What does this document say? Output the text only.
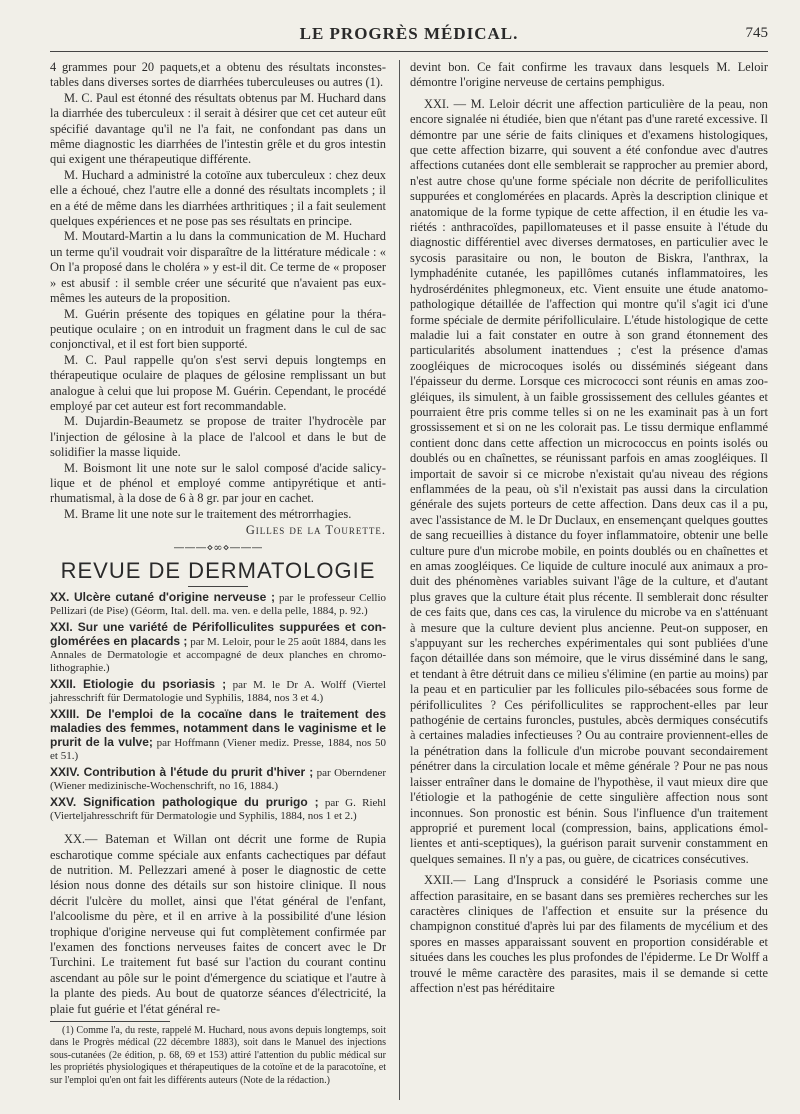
LE PROGRÈS MÉDICAL.	745

4 grammes pour 20 paquets,et a obtenu des résultats inconstestables dans diverses sortes de diarrhées tuberculeuses ou autres (1).

M. C. Paul est étonné des résultats obtenus par M. Huchard dans la diarrhée des tuberculeux : il serait à désirer que cet cet auteur eût spécifié davantage qu'il ne l'a fait, ne confondant pas dans un même diagnostic les diarrhées de l'intestin grêle et du gros intestin qui exigent une thérapeutique différente.

M. Huchard a administré la cotoïne aux tuberculeux : chez deux elle a échoué, chez l'autre elle a donné des résultats incomplets ; il en a été de même dans les diarrhées arthritiques ; il a fait seulement quelques expériences et ne pose pas ses résultats en principe.

M. Moutard-Martin a lu dans la communication de M. Huchard un terme qu'il voudrait voir disparaître de la littérature médicale : « On l'a proposé dans le choléra » y est-il dit. Ce terme de « proposer » est abusif : il semble créer une sécurité que n'avaient pas eux-mêmes les auteurs de la proposition.

M. Guérin présente des topiques en gélatine pour la thérapeutique oculaire ; on en introduit un fragment dans le cul de sac conjonctival, et il est fort bien supporté.

M. C. Paul rappelle qu'on s'est servi depuis longtemps en thérapeutique oculaire de plaques de gélosine remplissant un but analogue à celui que lui propose M. Guérin. Cependant, le procédé employé par cet auteur est fort recommandable.

M. Dujardin-Beaumetz se propose de traiter l'hydrocèle par l'injection de gélosine à la place de l'alcool et dans le but de solidifier la masse liquide.

M. Boismont lit une note sur le salol composé d'acide salicylique et de phénol et employé comme antipyrétique et antirhumatismal, à la dose de 6 à 8 gr. par jour en cachet.

M. Brame lit une note sur le traitement des métrorrhagies.

Gilles de la Tourette.
———⋄∞⋄———
REVUE DE DERMATOLOGIE
XX. Ulcère cutané d'origine nerveuse ; par le professeur Cellio Pellizari (de Pise) (Géorm, Ital. dell. ma. ven. e della pelle, 1884, p. 92.)
XXI. Sur une variété de Périfolliculites suppurées et conglomérées en placards ; par M. Leloir, pour le 25 août 1884, dans les Annales de Dermatologie et accompagné de deux planches en chromo-lithographie.)
XXII. Etiologie du psoriasis ; par M. le Dr A. Wolff (Viertel jahresschrift für Dermatologie und Syphilis, 1884, nos 3 et 4.)
XXIII. De l'emploi de la cocaïne dans le traitement des maladies des femmes, notamment dans le vaginisme et le prurit de la vulve; par Hoffmann (Viener mediz. Presse, 1884, nos 50 et 51.)
XXIV. Contribution à l'étude du prurit d'hiver ; par Oberndener (Wiener medizinische-Wochenschrift, no 16, 1884.)
XXV. Signification pathologique du prurigo ; par G. Riehl (Vierteljahresschrift für Dermatologie und Syphilis, 1884, nos 1 et 2.)

XX.— Bateman et Willan ont décrit une forme de Rupia escharotique comme spéciale aux enfants cachectiques par défaut de nutrition. M. Pellezzari amené à poser le diagnostic de cette lésion nous donne des détails sur son histoire clinique. Il nous décrit l'ulcère du mollet, ainsi que l'état général de l'enfant, l'alcoolisme du père, et il en arrive à la possibilité d'une lésion trophique d'origine nerveuse qui fut complètement confirmée par l'examen des fonctions nerveuses faites de concert avec le Dr Turchini. Le traitement fut basé sur l'action du courant continu ascendant au pôle sur le point d'émergence du sciatique et l'autre à la plante des pieds. Au bout de quatorze séances d'électricité, la plaie fut guérie et l'état général re-

(1) Comme l'a, du reste, rappelé M. Huchard, nous avons depuis longtemps, soit dans le Progrès médical (22 décembre 1883), soit dans le Manuel des injections sous-cutanées (2e édition, p. 68, 69 et 153) attiré l'attention du public médical sur les propriétés physiologiques et thérapeutiques de la cotoïne et de la paracotoïne, et sur l'emploi qu'en ont fait les différents auteurs (Note de la rédaction.)

devint bon. Ce fait confirme les travaux dans lesquels M. Leloir démontre l'origine nerveuse de certains pemphigus.

XXI. — M. Leloir décrit une affection particulière de la peau, non encore signalée ni étudiée, bien que n'étant pas d'une rareté excessive. Il démontre par une série de faits cliniques et d'examens histologiques, que cette affection bizarre, qui souvent a été confondue avec d'autres affections cutanées dont elle semblerait se rapprocher au premier abord, n'est autre chose qu'une forme spéciale non décrite de perifolliculites suppurées et conglomérées en placards. Après la description clinique et anatomique de la forme typique de cette affection, il en étudie les variétés : anthracoïdes, papillomateuses et il passe ensuite à l'étude du diagnostic différentiel avec diverses dermatoses, en particulier avec le sycosis parasitaire ou non, le bouton de Biskra, l'anthrax, la lymphadénite cutanée, les papillômes cutanés inflammatoires, les hydrosérdénites phlegmoneux, etc. Vient ensuite une étude anatomopathologique détaillée de l'affection qui montre qu'il s'agit ici d'une forme spéciale de dermite périfolliculaire. L'étude histologique de cette maladie lui a fait constater en outre à son grand étonnement des particularités absolument inattendues ; c'est la présence d'amas zoogléiques de microcoques isolés ou disséminés siégeant dans l'épaisseur du derme. Lorsque ces micrococci sont réunis en amas zoogléiques, ils simulent, à un faible grossissement des cellules géantes et pourraient être pris comme telles si on ne les examinait pas à un fort grossissement et si on ne les colorait pas. Le tissu dermique enflammé contient donc dans cette affection un micrococcus en points isolés ou doublés ou en chaînettes, se réunissant parfois en amas zoogléiques. Il importait de savoir si ce microbe n'existait qu'au niveau des régions enflammées de la peau, où s'il n'existait pas aussi dans la circulation générale des sujets porteurs de cette affection. Dans deux cas il a pu, avec l'assistance de M. le Dr Duclaux, en ensemençant quelques gouttes de sang recueillies à distance du foyer inflammatoire, obtenir une belle culture pure d'un microbe mobile, en points doublés ou en chaînettes et en amas zoogléiques. Ce liquide de culture inoculé aux animaux a produit des phénomènes variables suivant l'âge de la culture, et d'autant plus graves que la culture était plus récente. Il semblerait donc résulter de ces faits que, dans ces cas, la virulence du microbe va en s'atténuant à mesure que la culture devient plus ancienne. Peut-on supposer, en s'appuyant sur les recherches expérimentales qui sont publiées d'une façon détaillée dans son mémoire, que le virus disséminé dans le sang, et tendant à être détruit dans ce milieu s'élimine (en partie au moins) par la peau et en particulier par les follicules pilo-sébacées sous forme de périfolliculites ? Ces périfolliculites se rapprochent-elles par leur pathogénie de certains furoncles, pustules, abcès dermiques consécutifs à certaines maladies infectieuses ? Ou au contraire proviennent-elles de la pénétration dans la follicule d'un microbe pouvant secondairement pénétrer dans la circulation locale et même générale ? Pour ne pas nous laisser entraîner dans le domaine de l'hypothèse, il vaut mieux dire que l'étiologie et la pathogénie de cette singulière affection nous sont inconnues. Son pronostic est bénin. Sous l'influence d'un traitement approprié et purement local (compression, bains, applications émollientes et anti-sceptiques), la guérison parait survenir constamment en quelques semaines. Il n'y a pas, ou guère, de cicatrices consécutives.

XXII.— Lang d'Inspruck a considéré le Psoriasis comme une affection parasitaire, en se basant dans ses premières recherches sur les caractères cliniques de l'affection et ensuite sur la présence du champignon constitué d'après lui par des filaments de mycélium et des spores en masses apparaissant souvent en proportion considérable et situées dans les couches les plus profondes de l'épiderme. Le Dr Wolff a trouvé le même caractère des parasites, mais il se demande si cette affection n'est pas héréditaire
